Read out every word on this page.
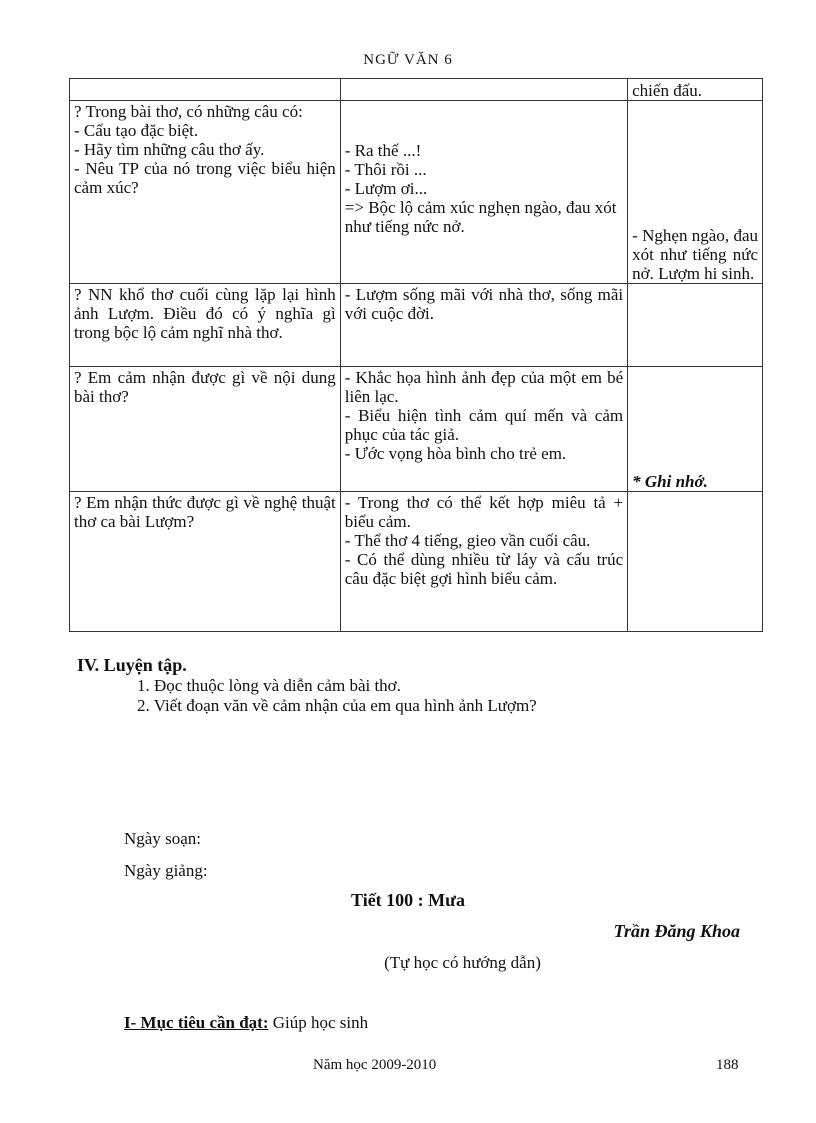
NGỮ VĂN 6

		chiến đấu.

? Trong bài thơ, có những câu có:
- Cấu tạo đặc biệt.
- Hãy tìm những câu thơ ấy.
- Nêu TP của nó trong việc biểu hiện cảm xúc?	- Ra thế ...!
- Thôi rồi ...
- Lượm ơi...
=> Bộc lộ cảm xúc nghẹn ngào, đau xót như tiếng nức nở.	- Nghẹn ngào, đau xót như tiếng nức nở. Lượm hi sinh.

? NN khổ thơ cuối cùng lặp lại hình ảnh Lượm. Điều đó có ý nghĩa gì trong bộc lộ cảm nghĩ nhà thơ.	- Lượm sống mãi với nhà thơ, sống mãi với cuộc đời.	

? Em cảm nhận được gì về nội dung bài thơ?	- Khắc họa hình ảnh đẹp của một em bé liên lạc.
- Biểu hiện tình cảm quí mến và cảm phục của tác giả.
- Ước vọng hòa bình cho trẻ em.	* Ghi nhớ.

? Em nhận thức được gì về nghệ thuật thơ ca bài Lượm?	- Trong thơ có thể kết hợp miêu tả + biểu cảm.
- Thể thơ 4 tiếng, gieo vần cuối câu.
- Có thể dùng nhiều từ láy và cấu trúc câu đặc biệt gợi hình biểu cảm.	

IV. Luyện tập.
1. Đọc thuộc lòng và diễn cảm bài thơ.
2. Viết đoạn văn về cảm nhận của em qua hình ảnh Lượm?
Ngày soạn:
Ngày giảng:
Tiết 100 : Mưa
Trần Đăng Khoa
(Tự học có hướng dẫn)
I- Mục tiêu cần đạt: Giúp học sinh
Năm học 2009-2010	188
